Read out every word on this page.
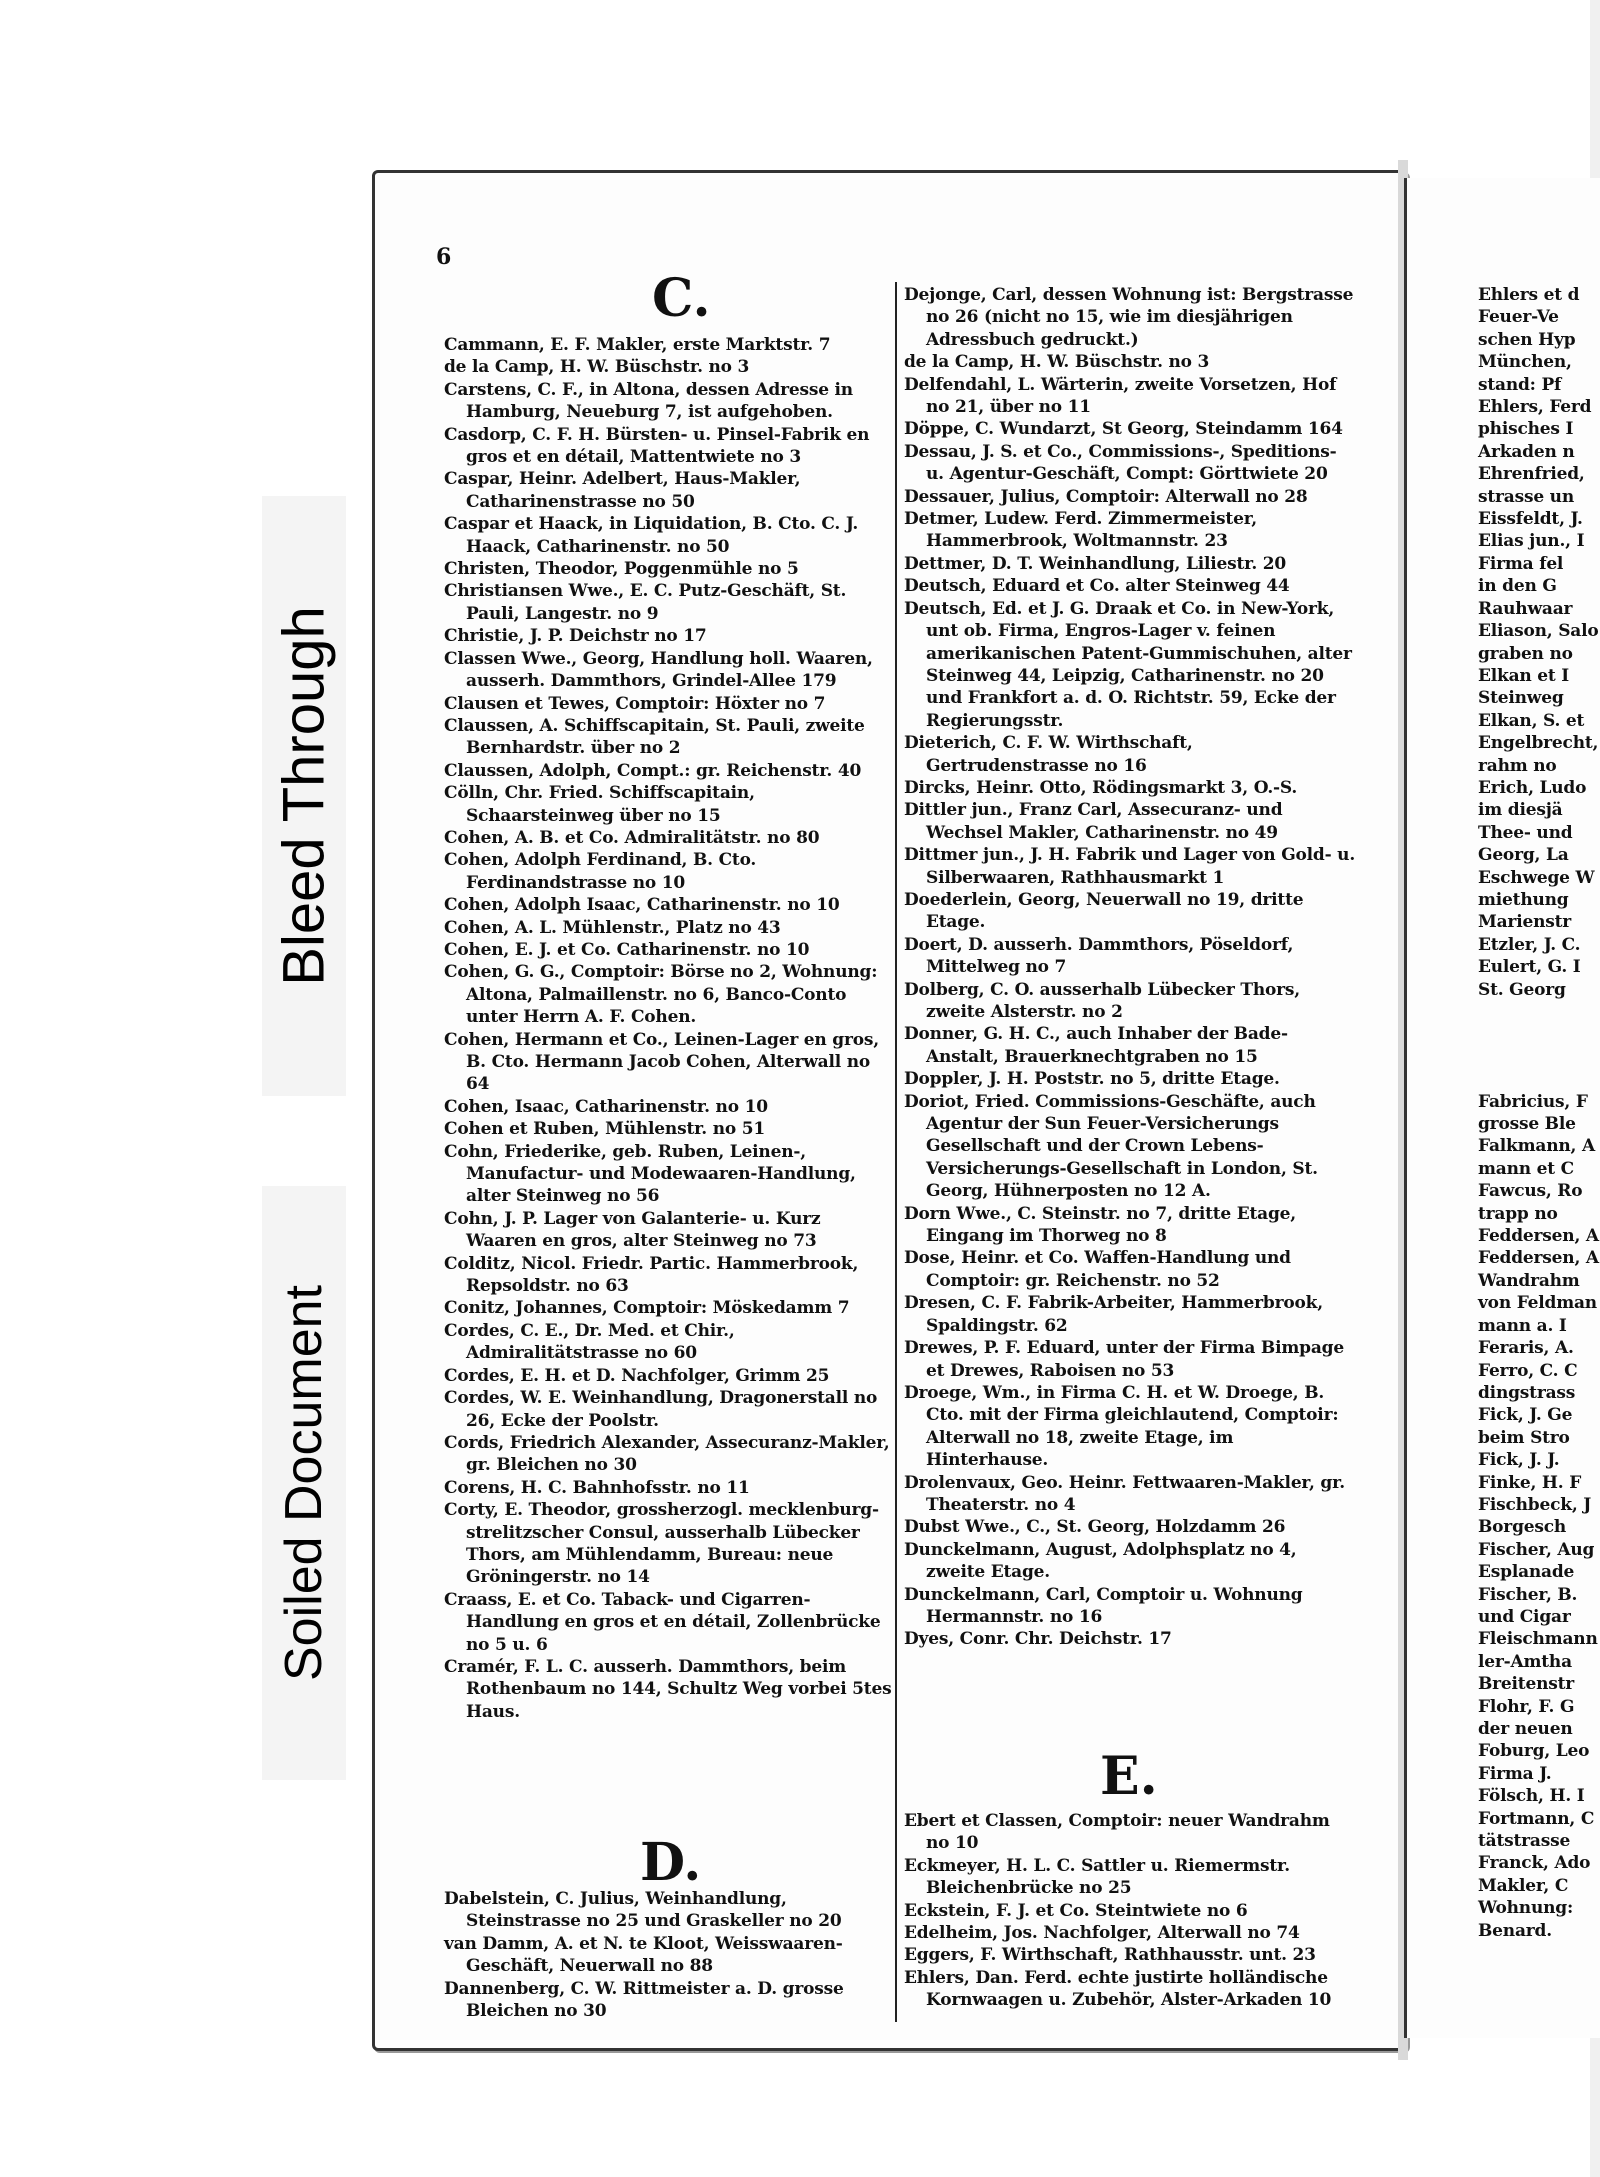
Bleed Through
Soiled Document
6
C.
D.
E.

Cammann, E. F. Makler, erste Marktstr. 7

de la Camp, H. W. Büschstr. no 3

Carstens, C. F., in Altona, dessen Adresse in Hamburg, Neueburg 7, ist aufgehoben.

Casdorp, C. F. H. Bürsten- u. Pinsel-Fabrik en gros et en détail, Mattentwiete no 3

Caspar, Heinr. Adelbert, Haus-Makler, Catharinenstrasse no 50

Caspar et Haack, in Liquidation, B. Cto. C. J. Haack, Catharinenstr. no 50

Christen, Theodor, Poggenmühle no 5

Christiansen Wwe., E. C. Putz-Geschäft, St. Pauli, Langestr. no 9

Christie, J. P. Deichstr no 17

Classen Wwe., Georg, Handlung holl. Waaren, ausserh. Dammthors, Grindel-Allee 179

Clausen et Tewes, Comptoir: Höxter no 7

Claussen, A. Schiffscapitain, St. Pauli, zweite Bernhardstr. über no 2

Claussen, Adolph, Compt.: gr. Reichenstr. 40

Cölln, Chr. Fried. Schiffscapitain, Schaarsteinweg über no 15

Cohen, A. B. et Co. Admiralitätstr. no 80

Cohen, Adolph Ferdinand, B. Cto. Ferdinandstrasse no 10

Cohen, Adolph Isaac, Catharinenstr. no 10

Cohen, A. L. Mühlenstr., Platz no 43

Cohen, E. J. et Co. Catharinenstr. no 10

Cohen, G. G., Comptoir: Börse no 2, Wohnung: Altona, Palmaillenstr. no 6, Banco-Conto unter Herrn A. F. Cohen.

Cohen, Hermann et Co., Leinen-Lager en gros, B. Cto. Hermann Jacob Cohen, Alterwall no 64

Cohen, Isaac, Catharinenstr. no 10

Cohen et Ruben, Mühlenstr. no 51

Cohn, Friederike, geb. Ruben, Leinen-, Manufactur- und Modewaaren-Handlung, alter Steinweg no 56

Cohn, J. P. Lager von Galanterie- u. Kurz Waaren en gros, alter Steinweg no 73

Colditz, Nicol. Friedr. Partic. Hammerbrook, Repsoldstr. no 63

Conitz, Johannes, Comptoir: Möskedamm 7

Cordes, C. E., Dr. Med. et Chir., Admiralitätstrasse no 60

Cordes, E. H. et D. Nachfolger, Grimm 25

Cordes, W. E. Weinhandlung, Dragonerstall no 26, Ecke der Poolstr.

Cords, Friedrich Alexander, Assecuranz-Makler, gr. Bleichen no 30

Corens, H. C. Bahnhofsstr. no 11

Corty, E. Theodor, grossherzogl. mecklenburg-strelitzscher Consul, ausserhalb Lübecker Thors, am Mühlendamm, Bureau: neue Gröningerstr. no 14

Craass, E. et Co. Taback- und Cigarren-Handlung en gros et en détail, Zollenbrücke no 5 u. 6

Cramér, F. L. C. ausserh. Dammthors, beim Rothenbaum no 144, Schultz Weg vorbei 5tes Haus.

Dabelstein, C. Julius, Weinhandlung, Steinstrasse no 25 und Graskeller no 20

van Damm, A. et N. te Kloot, Weisswaaren-Geschäft, Neuerwall no 88

Dannenberg, C. W. Rittmeister a. D. grosse Bleichen no 30

Dejonge, Carl, dessen Wohnung ist: Bergstrasse no 26 (nicht no 15, wie im diesjährigen Adressbuch gedruckt.)

de la Camp, H. W. Büschstr. no 3

Delfendahl, L. Wärterin, zweite Vorsetzen, Hof no 21, über no 11

Döppe, C. Wundarzt, St Georg, Steindamm 164

Dessau, J. S. et Co., Commissions-, Speditions- u. Agentur-Geschäft, Compt: Görttwiete 20

Dessauer, Julius, Comptoir: Alterwall no 28

Detmer, Ludew. Ferd. Zimmermeister, Hammerbrook, Woltmannstr. 23

Dettmer, D. T. Weinhandlung, Liliestr. 20

Deutsch, Eduard et Co. alter Steinweg 44

Deutsch, Ed. et J. G. Draak et Co. in New-York, unt ob. Firma, Engros-Lager v. feinen amerikanischen Patent-Gummischuhen, alter Steinweg 44, Leipzig, Catharinenstr. no 20 und Frankfort a. d. O. Richtstr. 59, Ecke der Regierungsstr.

Dieterich, C. F. W. Wirthschaft, Gertrudenstrasse no 16

Dircks, Heinr. Otto, Rödingsmarkt 3, O.-S.

Dittler jun., Franz Carl, Assecuranz- und Wechsel Makler, Catharinenstr. no 49

Dittmer jun., J. H. Fabrik und Lager von Gold- u. Silberwaaren, Rathhausmarkt 1

Doederlein, Georg, Neuerwall no 19, dritte Etage.

Doert, D. ausserh. Dammthors, Pöseldorf, Mittelweg no 7

Dolberg, C. O. ausserhalb Lübecker Thors, zweite Alsterstr. no 2

Donner, G. H. C., auch Inhaber der Bade-Anstalt, Brauerknechtgraben no 15

Doppler, J. H. Poststr. no 5, dritte Etage.

Doriot, Fried. Commissions-Geschäfte, auch Agentur der Sun Feuer-Versicherungs Gesellschaft und der Crown Lebens-Versicherungs-Gesellschaft in London, St. Georg, Hühnerposten no 12 A.

Dorn Wwe., C. Steinstr. no 7, dritte Etage, Eingang im Thorweg no 8

Dose, Heinr. et Co. Waffen-Handlung und Comptoir: gr. Reichenstr. no 52

Dresen, C. F. Fabrik-Arbeiter, Hammerbrook, Spaldingstr. 62

Drewes, P. F. Eduard, unter der Firma Bimpage et Drewes, Raboisen no 53

Droege, Wm., in Firma C. H. et W. Droege, B. Cto. mit der Firma gleichlautend, Comptoir: Alterwall no 18, zweite Etage, im Hinterhause.

Drolenvaux, Geo. Heinr. Fettwaaren-Makler, gr. Theaterstr. no 4

Dubst Wwe., C., St. Georg, Holzdamm 26

Dunckelmann, August, Adolphsplatz no 4, zweite Etage.

Dunckelmann, Carl, Comptoir u. Wohnung Hermannstr. no 16

Dyes, Conr. Chr. Deichstr. 17

Ebert et Classen, Comptoir: neuer Wandrahm no 10

Eckmeyer, H. L. C. Sattler u. Riemermstr. Bleichenbrücke no 25

Eckstein, F. J. et Co. Steintwiete no 6

Edelheim, Jos. Nachfolger, Alterwall no 74

Eggers, F. Wirthschaft, Rathhausstr. unt. 23

Ehlers, Dan. Ferd. echte justirte holländische Kornwaagen u. Zubehör, Alster-Arkaden 10

Ehlers et d

Feuer-Ve

schen Hyp

München,

stand: Pf

Ehlers, Ferd

phisches I

Arkaden n

Ehrenfried,

strasse un

Eissfeldt, J.

Elias jun., I

Firma fel

in den G

Rauhwaar

Eliason, Salo

graben no

Elkan et I

Steinweg

Elkan, S. et

Engelbrecht,

rahm no

Erich, Ludo

im diesjä

Thee- und

Georg, La

Eschwege W

miethung

Marienstr

Etzler, J. C.

Eulert, G. I

St. Georg

Fabricius, F

grosse Ble

Falkmann, A

mann et C

Fawcus, Ro

trapp no

Feddersen, A

Feddersen, A

Wandrahm

von Feldman

mann a. I

Feraris, A.

Ferro, C. C

dingstrass

Fick, J. Ge

beim Stro

Fick, J. J.

Finke, H. F

Fischbeck, J

Borgesch

Fischer, Aug

Esplanade

Fischer, B.

und Cigar

Fleischmann

ler-Amtha

Breitenstr

Flohr, F. G

der neuen

Foburg, Leo

Firma J.

Fölsch, H. I

Fortmann, C

tätstrasse

Franck, Ado

Makler, C

Wohnung:

Benard.
